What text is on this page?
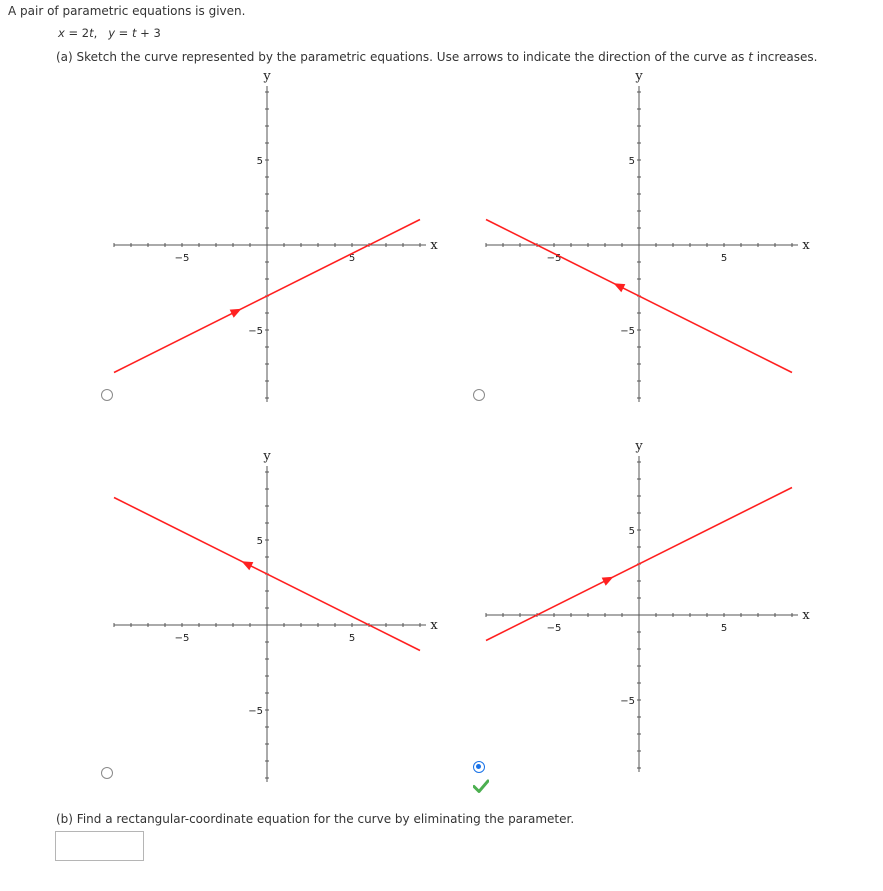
A pair of parametric equations is given.
x = 2t, y = t + 3
(a) Sketch the curve represented by the parametric equations. Use arrows to indicate the direction of the curve as t increases.
−5	5
5
−5
y
x
−5	5
5
−5
y
x
−5	5
5
−5
y
x	−5	5
5
−5
y
x
(b) Find a rectangular-coordinate equation for the curve by eliminating the parameter.
